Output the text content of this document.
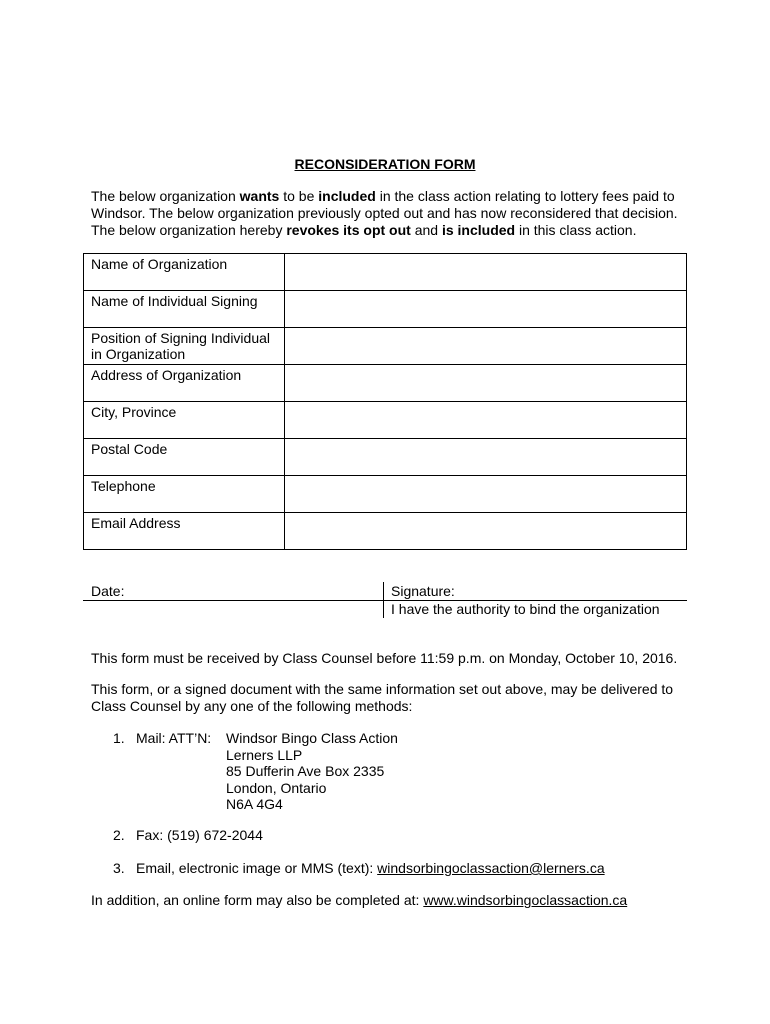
RECONSIDERATION FORM
The below organization wants to be included in the class action relating to lottery fees paid to Windsor. The below organization previously opted out and has now reconsidered that decision. The below organization hereby revokes its opt out and is included in this class action.
Name of Organization	
Name of Individual Signing	
Position of Signing Individual in Organization	
Address of Organization	
City, Province	
Postal Code	
Telephone	
Email Address	
Date:	Signature:
I have the authority to bind the organization
This form must be received by Class Counsel before 11:59 p.m. on Monday, October 10, 2016.
This form, or a signed document with the same information set out above, may be delivered to Class Counsel by any one of the following methods:
1. Mail: ATT’N: Windsor Bingo Class Action
Lerners LLP
85 Dufferin Ave Box 2335
London, Ontario
N6A 4G4
2. Fax: (519) 672-2044
3. Email, electronic image or MMS (text): windsorbingoclassaction@lerners.ca
In addition, an online form may also be completed at: www.windsorbingoclassaction.ca
